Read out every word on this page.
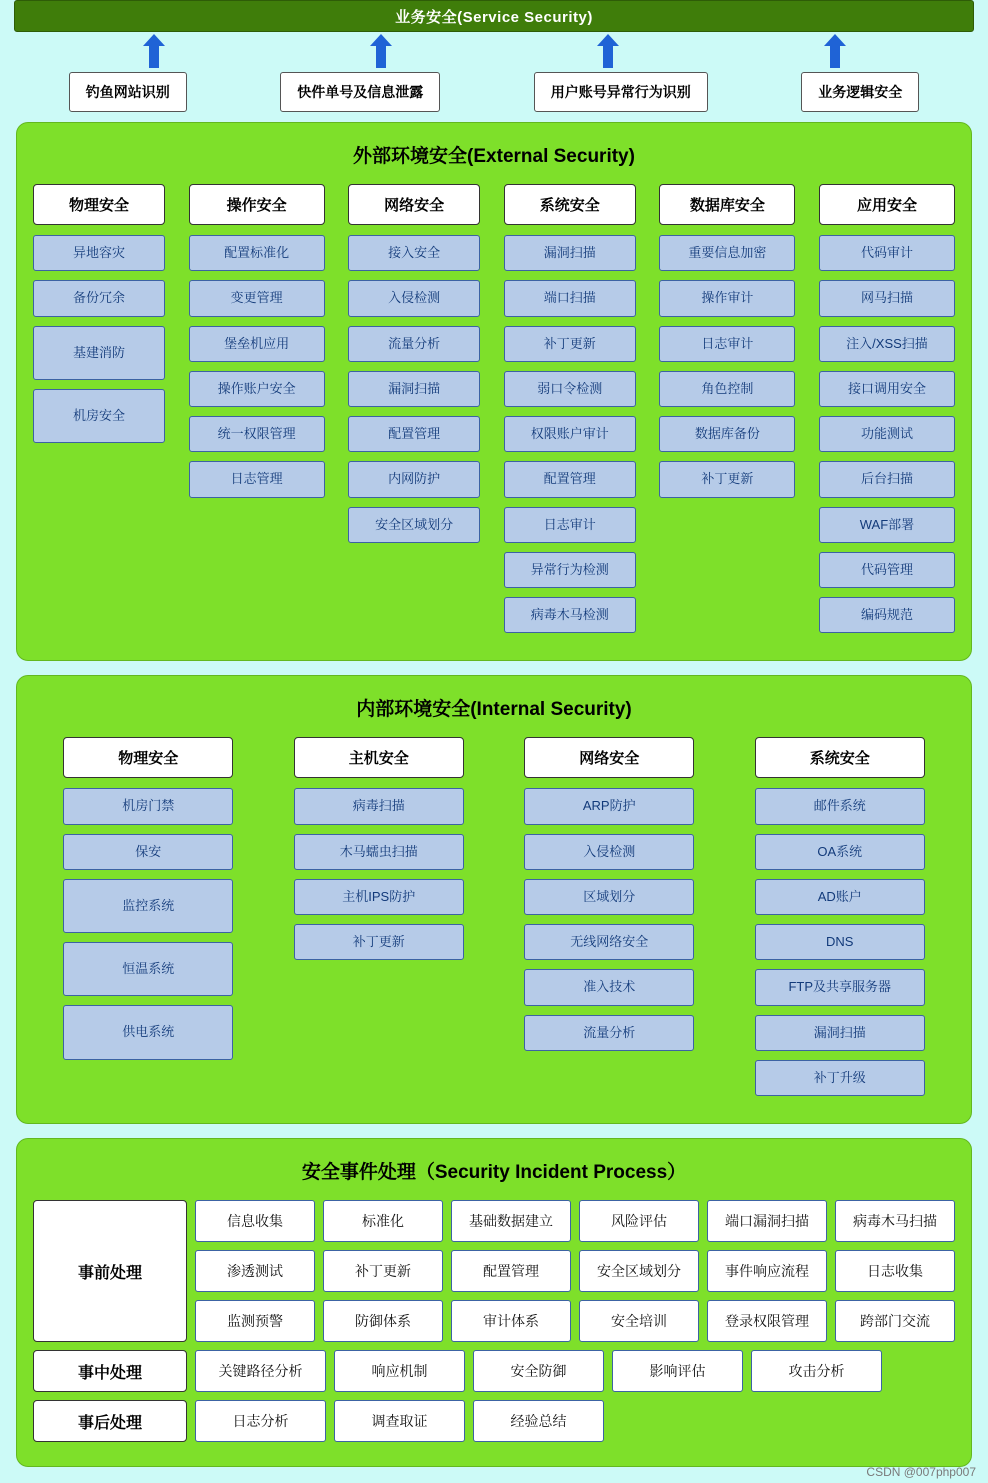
业务安全(Service Security)
钓鱼网站识别	快件单号及信息泄露	用户账号异常行为识别	业务逻辑安全
外部环境安全(External Security)
物理安全
异地容灾
备份冗余
基建消防
机房安全
操作安全
配置标准化
变更管理
堡垒机应用
操作账户安全
统一权限管理
日志管理
网络安全
接入安全
入侵检测
流量分析
漏洞扫描
配置管理
内网防护
安全区域划分
系统安全
漏洞扫描
端口扫描
补丁更新
弱口令检测
权限账户审计
配置管理
日志审计
异常行为检测
病毒木马检测
数据库安全
重要信息加密
操作审计
日志审计
角色控制
数据库备份
补丁更新
应用安全
代码审计
网马扫描
注入/XSS扫描
接口调用安全
功能测试
后台扫描
WAF部署
代码管理
编码规范
内部环境安全(Internal Security)
物理安全
机房门禁
保安
监控系统
恒温系统
供电系统
主机安全
病毒扫描
木马蠕虫扫描
主机IPS防护
补丁更新
网络安全
ARP防护
入侵检测
区域划分
无线网络安全
准入技术
流量分析
系统安全
邮件系统
OA系统
AD账户
DNS
FTP及共享服务器
漏洞扫描
补丁升级
安全事件处理（Security Incident Process）
事前处理
信息收集	标准化	基础数据建立	风险评估	端口漏洞扫描	病毒木马扫描
渗透测试	补丁更新	配置管理	安全区域划分	事件响应流程	日志收集
监测预警	防御体系	审计体系	安全培训	登录权限管理	跨部门交流
事中处理	关键路径分析	响应机制	安全防御	影响评估	攻击分析
事后处理	日志分析	调查取证	经验总结
CSDN @007php007
